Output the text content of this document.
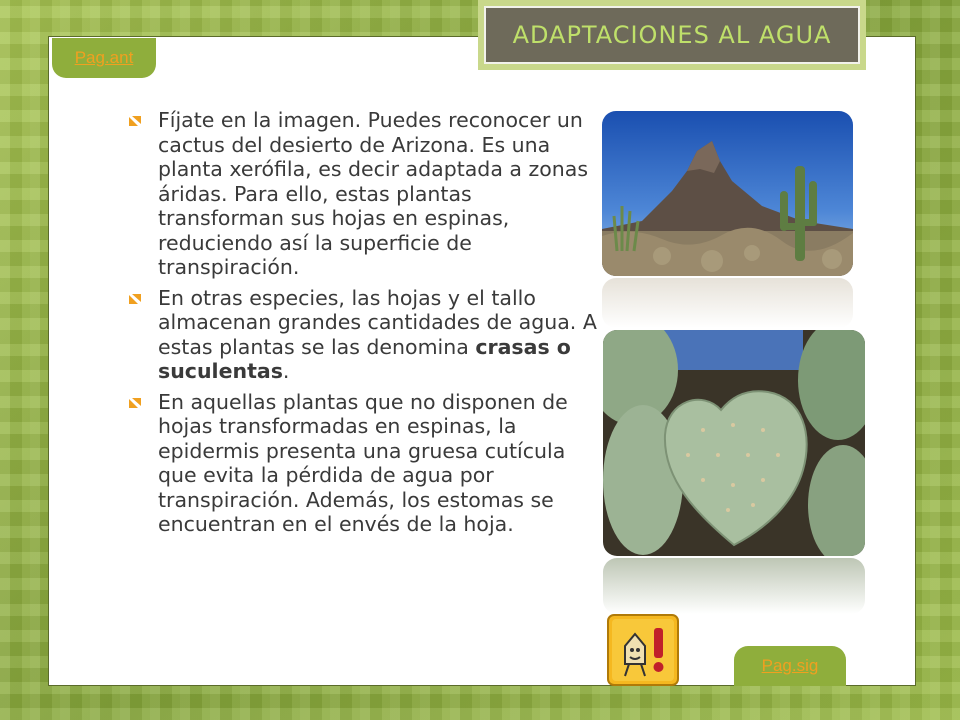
ADAPTACIONES AL AGUA
Pag.ant
Fíjate en la imagen. Puedes reconocer un cactus del desierto de Arizona. Es una planta xerófila, es decir adaptada a zonas áridas. Para ello, estas plantas transforman sus hojas en espinas, reduciendo así la superficie de transpiración.
En otras especies, las hojas y el tallo almacenan grandes cantidades de agua. A estas plantas se las denomina crasas o suculentas.
En aquellas plantas que no disponen de hojas transformadas en espinas, la epidermis presenta una gruesa cutícula que evita la pérdida de agua por transpiración. Además, los estomas se encuentran en el envés de la hoja.
Pag.sig
